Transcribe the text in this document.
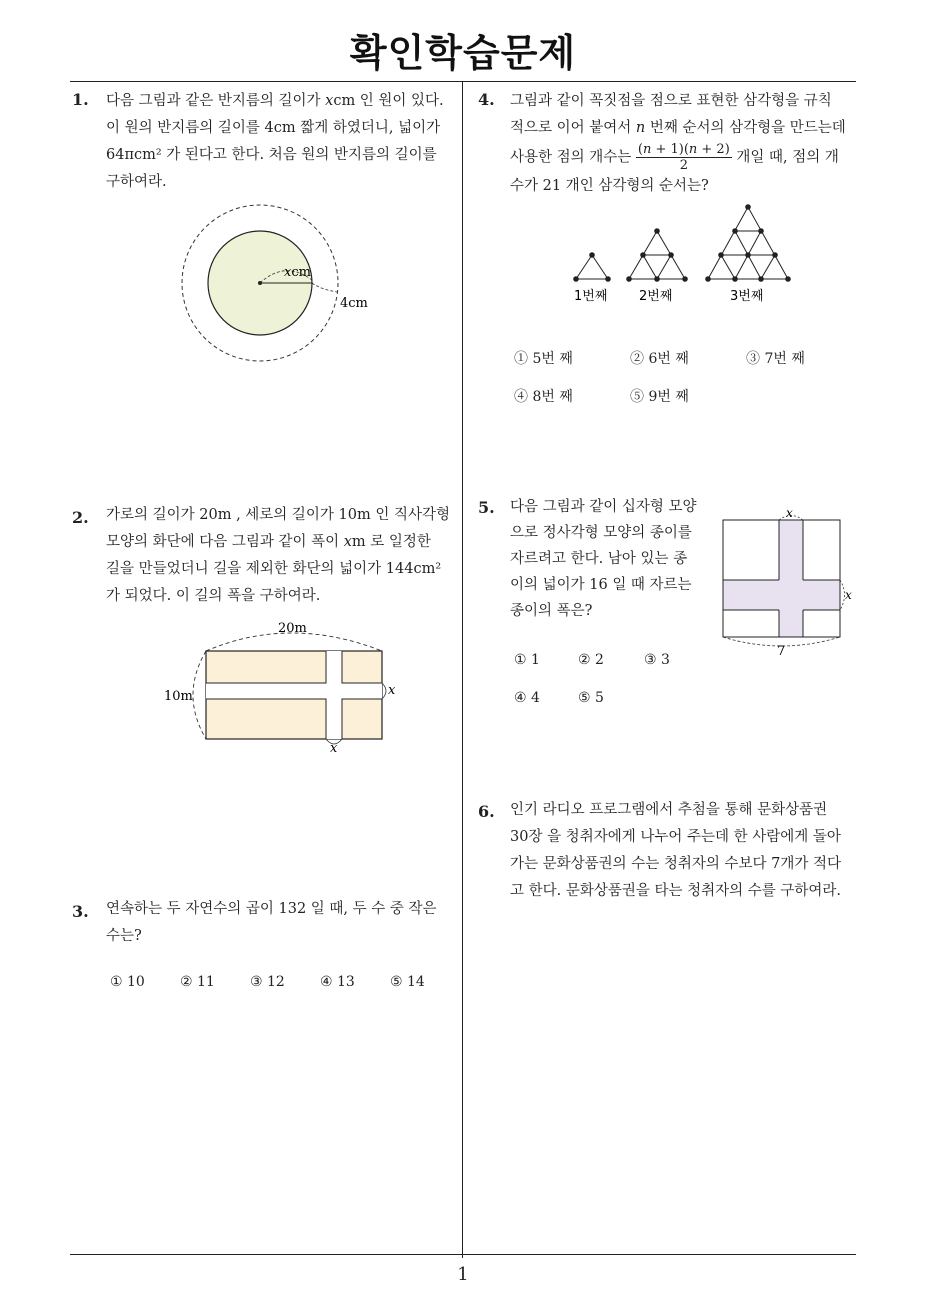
확인학습문제
1
1. 다음 그림과 같은 반지름의 길이가 𝑥cm 인 원이 있다.
이 원의 반지름의 길이를 4cm 짧게 하였더니, 넓이가
64πcm² 가 된다고 한다. 처음 원의 반지름의 길이를
구하여라.
𝑥cm
4cm
2. 가로의 길이가 20m , 세로의 길이가 10m 인 직사각형
모양의 화단에 다음 그림과 같이 폭이 𝑥m 로 일정한
길을 만들었더니 길을 제외한 화단의 넓이가 144cm²
가 되었다. 이 길의 폭을 구하여라.
20m
10m	𝑥
𝑥
3. 연속하는 두 자연수의 곱이 132 일 때, 두 수 중 작은
수는?
① 10	② 11	③ 12	④ 13	⑤ 14
4. 그림과 같이 꼭짓점을 점으로 표현한 삼각형을 규칙
적으로 이어 붙여서 𝑛 번째 순서의 삼각형을 만드는데
사용한 점의 개수는 $\frac{\text{(𝑛 + 1)(𝑛 + 2)}}{2}$ 개일 때, 점의 개
수가 21 개인 삼각형의 순서는?
1번째 2번째	3번째
① 5번 째	② 6번 째	③ 7번 째
④ 8번 째	⑤ 9번 째
5. 다음 그림과 같이 십자형 모양
으로 정사각형 모양의 종이를
자르려고 한다. 남아 있는 종
이의 넓이가 16 일 때 자르는
종이의 폭은?
𝑥
𝑥
7
① 1	② 2	③ 3
④ 4	⑤ 5
6. 인기 라디오 프로그램에서 추첨을 통해 문화상품권
30장 을 청취자에게 나누어 주는데 한 사람에게 돌아
가는 문화상품권의 수는 청취자의 수보다 7개가 적다
고 한다. 문화상품권을 타는 청취자의 수를 구하여라.
